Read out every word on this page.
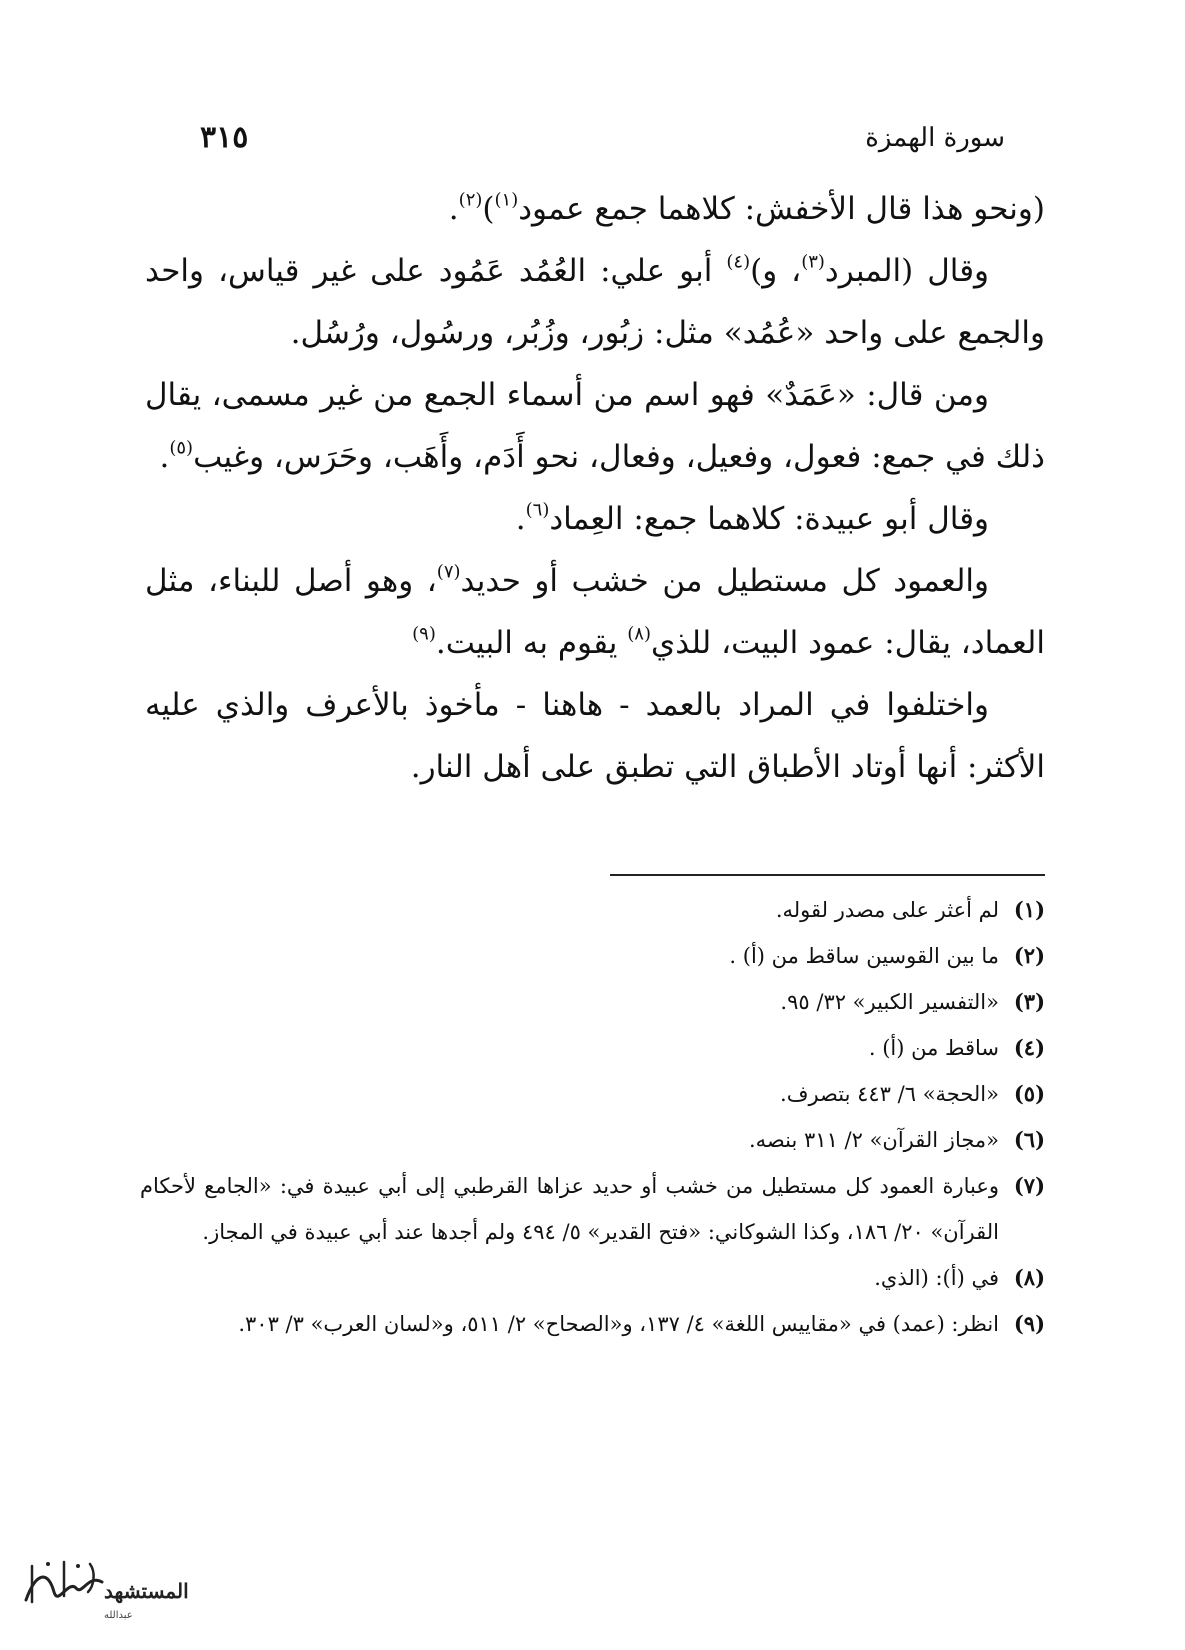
سورة الهمزة
٣١٥

(ونحو هذا قال الأخفش: كلاهما جمع عمود$^{(١)}$)$^{(٢)}$.

وقال (المبرد$^{(٣)}$، و)$^{(٤)}$ أبو علي: العُمُد عَمُود على غير قياس، واحد والجمع على واحد «عُمُد» مثل: زبُور، وزُبُر، ورسُول، ورُسُل.

ومن قال: «عَمَدٌ» فهو اسم من أسماء الجمع من غير مسمى، يقال ذلك في جمع: فعول، وفعيل، وفعال، نحو أَدَم، وأَهَب، وحَرَس، وغيب$^{(٥)}$.

وقال أبو عبيدة: كلاهما جمع: العِماد$^{(٦)}$.

والعمود كل مستطيل من خشب أو حديد$^{(٧)}$، وهو أصل للبناء، مثل العماد، يقال: عمود البيت، للذي$^{(٨)}$ يقوم به البيت.$^{(٩)}$

واختلفوا في المراد بالعمد - هاهنا - مأخوذ بالأعرف والذي عليه الأكثر: أنها أوتاد الأطباق التي تطبق على أهل النار.

(١)
لم أعثر على مصدر لقوله.
(٢)
ما بين القوسين ساقط من (أ) .
(٣)
«التفسير الكبير» ٣٢/ ٩٥.
(٤)
ساقط من (أ) .
(٥)
«الحجة» ٦/ ٤٤٣ بتصرف.
(٦)
«مجاز القرآن» ٢/ ٣١١ بنصه.
(٧)
وعبارة العمود كل مستطيل من خشب أو حديد عزاها القرطبي إلى أبي عبيدة في: «الجامع لأحكام القرآن» ٢٠/ ١٨٦، وكذا الشوكاني: «فتح القدير» ٥/ ٤٩٤ ولم أجدها عند أبي عبيدة في المجاز.
(٨)
في (أ): (الذي.
(٩)
انظر: (عمد) في «مقاييس اللغة» ٤/ ١٣٧، و«الصحاح» ٢/ ٥١١، و«لسان العرب» ٣/ ٣٠٣.
المستشهد
عبدالله
